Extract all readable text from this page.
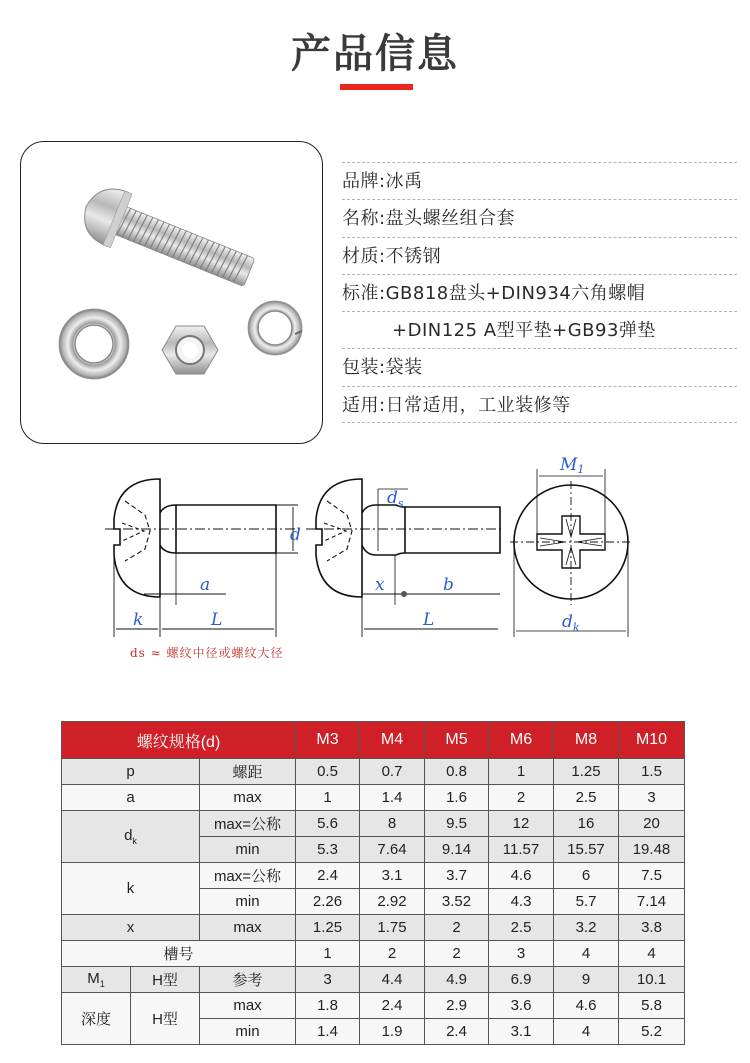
产品信息
品牌:冰禹
名称:盘头螺丝组合套
材质:不锈钢
标准:GB818盘头+DIN934六角螺帽
+DIN125 A型平垫+GB93弹垫
包装:袋装
适用:日常适用，工业装修等
d
a
k	L
$d_s$
x	b
L
M1
$d_k$
ds ≈ 螺纹中径或螺纹大径
螺纹规格(d)			M3	M4	M5	M6	M8	M10
p		螺距	0.5	0.7	0.8	1	1.25	1.5
a		max	1	1.4	1.6	2	2.5	3
$d_k$		max=公称	5.6	8	9.5	12	16	20
		min	5.3	7.64	9.14	11.57	15.57	19.48
k		max=公称	2.4	3.1	3.7	4.6	6	7.5
		min	2.26	2.92	3.52	4.3	5.7	7.14
x		max	1.25	1.75	2	2.5	3.2	3.8
槽号			1	2	2	3	4	4
$M_1$	H型	参考	3	4.4	4.9	6.9	9	10.1
深度	H型	max	1.8	2.4	2.9	3.6	4.6	5.8
		min	1.4	1.9	2.4	3.1	4	5.2
